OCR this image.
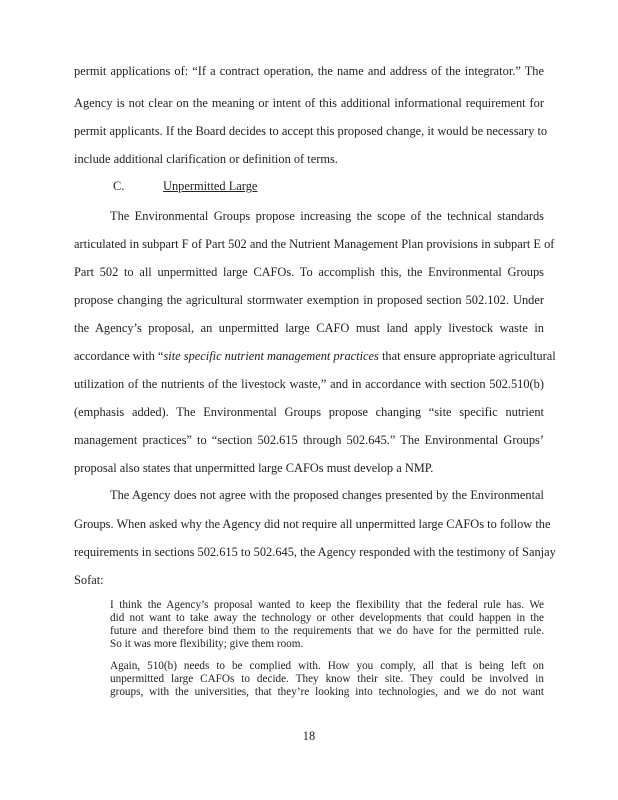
permit applications of: “If a contract operation, the name and address of the integrator.” The
Agency is not clear on the meaning or intent of this additional informational requirement for
permit applicants. If the Board decides to accept this proposed change, it would be necessary to
include additional clarification or definition of terms.
C.	Unpermitted Large
The Environmental Groups propose increasing the scope of the technical standards
articulated in subpart F of Part 502 and the Nutrient Management Plan provisions in subpart E of
Part 502 to all unpermitted large CAFOs. To accomplish this, the Environmental Groups
propose changing the agricultural stormwater exemption in proposed section 502.102. Under
the Agency’s proposal, an unpermitted large CAFO must land apply livestock waste in
accordance with “site specific nutrient management practices that ensure appropriate agricultural
utilization of the nutrients of the livestock waste,” and in accordance with section 502.510(b)
(emphasis added). The Environmental Groups propose changing “site specific nutrient
management practices” to “section 502.615 through 502.645.” The Environmental Groups’
proposal also states that unpermitted large CAFOs must develop a NMP.
The Agency does not agree with the proposed changes presented by the Environmental
Groups. When asked why the Agency did not require all unpermitted large CAFOs to follow the
requirements in sections 502.615 to 502.645, the Agency responded with the testimony of Sanjay
Sofat:
I think the Agency’s proposal wanted to keep the flexibility that the federal rule has. We
did not want to take away the technology or other developments that could happen in the
future and therefore bind them to the requirements that we do have for the permitted rule.
So it was more flexibility; give them room.
Again, 510(b) needs to be complied with. How you comply, all that is being left on
unpermitted large CAFOs to decide. They know their site. They could be involved in
groups, with the universities, that they’re looking into technologies, and we do not want
18
